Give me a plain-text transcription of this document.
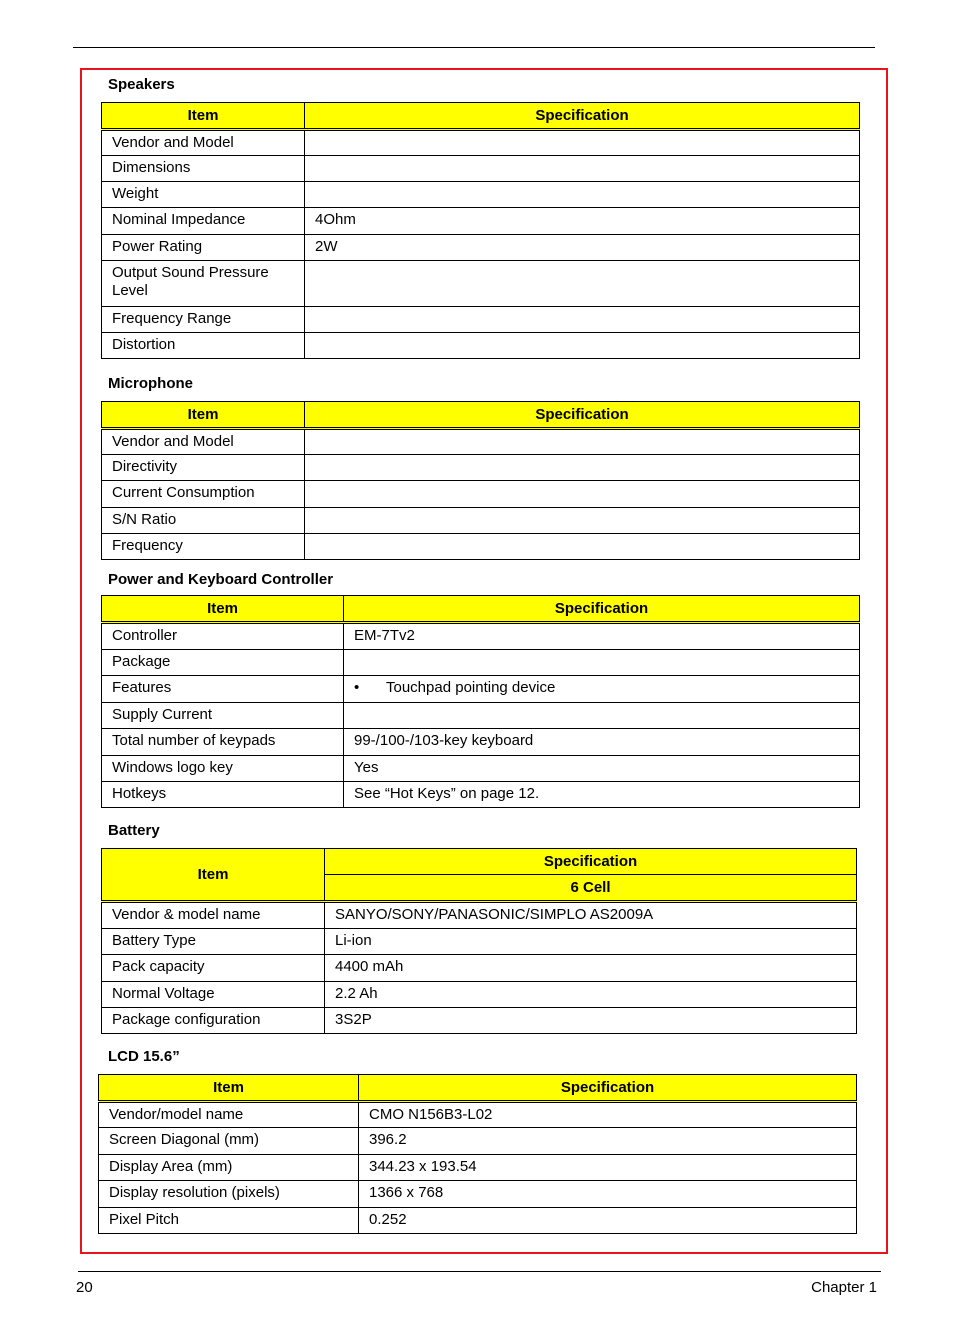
Speakers
Item	Specification
Vendor and Model	
Dimensions	
Weight	
Nominal Impedance	4Ohm
Power Rating	2W
Output Sound Pressure Level	
Frequency Range	
Distortion	
Microphone
Item	Specification
Vendor and Model	
Directivity	
Current Consumption	
S/N Ratio	
Frequency	
Power and Keyboard Controller
Item	Specification
Controller	EM-7Tv2
Package	
Features	• Touchpad pointing device
Supply Current	
Total number of keypads	99-/100-/103-key keyboard
Windows logo key	Yes
Hotkeys	See “Hot Keys” on page 12.
Battery
Item	Specification
	6 Cell
Vendor & model name	SANYO/SONY/PANASONIC/SIMPLO AS2009A
Battery Type	Li-ion
Pack capacity	4400 mAh
Normal Voltage	2.2 Ah
Package configuration	3S2P
LCD 15.6”
Item	Specification
Vendor/model name	CMO N156B3-L02
Screen Diagonal (mm)	396.2
Display Area (mm)	344.23 x 193.54
Display resolution (pixels)	1366 x 768
Pixel Pitch	0.252
20	Chapter 1
